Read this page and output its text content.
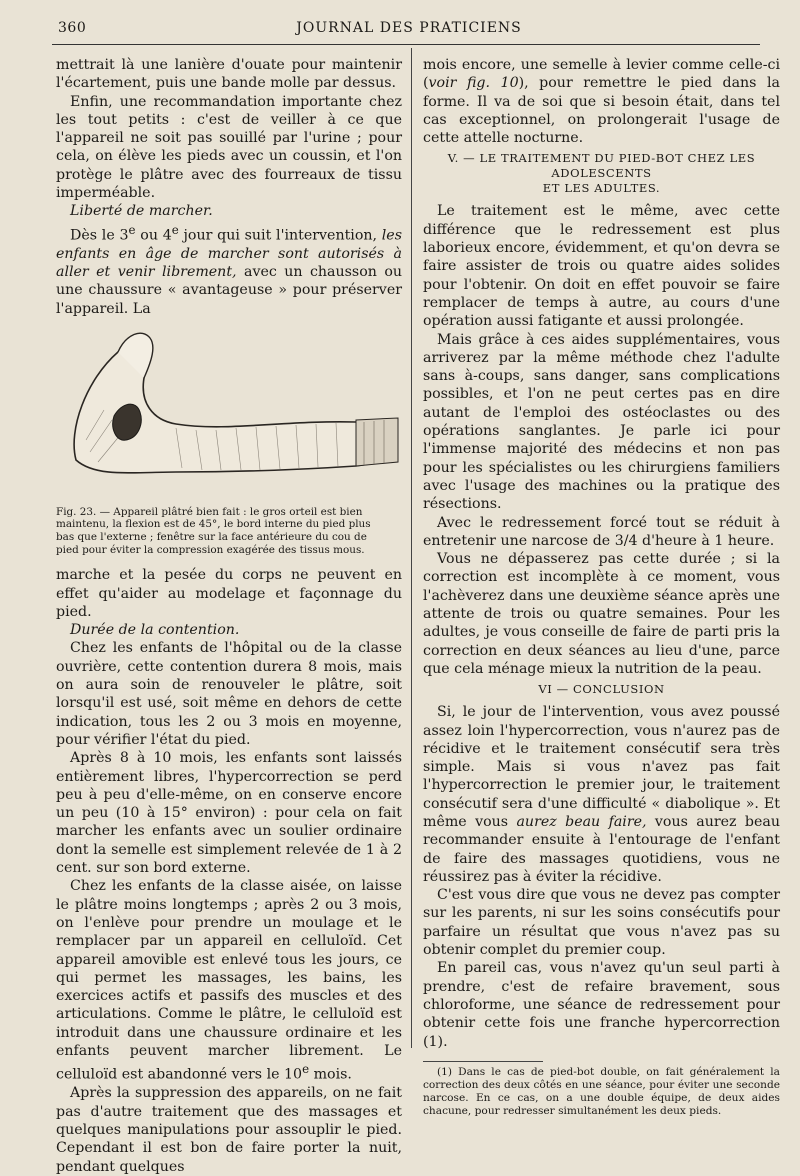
360	JOURNAL DES PRATICIENS

mettrait là une lanière d'ouate pour maintenir l'écartement, puis une bande molle par dessus.

Enfin, une recommandation importante chez les tout petits : c'est de veiller à ce que l'appareil ne soit pas souillé par l'urine ; pour cela, on élève les pieds avec un coussin, et l'on protège le plâtre avec des fourreaux de tissu imperméable.

Liberté de marcher.

Dès le 3e ou 4e jour qui suit l'intervention, les enfants en âge de marcher sont autorisés à aller et venir librement, avec un chausson ou une chaussure « avantageuse » pour préserver l'appareil. La

Fig. 23. — Appareil plâtré bien fait : le gros orteil est bien
maintenu, la flexion est de 45°, le bord interne du pied plus
bas que l'externe ; fenêtre sur la face antérieure du cou de
pied pour éviter la compression exagérée des tissus mous.

marche et la pesée du corps ne peuvent en effet qu'aider au modelage et façonnage du pied.

Durée de la contention.

Chez les enfants de l'hôpital ou de la classe ouvrière, cette contention durera 8 mois, mais on aura soin de renouveler le plâtre, soit lorsqu'il est usé, soit même en dehors de cette indication, tous les 2 ou 3 mois en moyenne, pour vérifier l'état du pied.

Après 8 à 10 mois, les enfants sont laissés entièrement libres, l'hypercorrection se perd peu à peu d'elle-même, on en conserve encore un peu (10 à 15° environ) : pour cela on fait marcher les enfants avec un soulier ordinaire dont la semelle est simplement relevée de 1 à 2 cent. sur son bord externe.

Chez les enfants de la classe aisée, on laisse le plâtre moins longtemps ; après 2 ou 3 mois, on l'enlève pour prendre un moulage et le remplacer par un appareil en celluloïd. Cet appareil amovible est enlevé tous les jours, ce qui permet les massages, les bains, les exercices actifs et passifs des muscles et des articulations. Comme le plâtre, le celluloïd est introduit dans une chaussure ordinaire et les enfants peuvent marcher librement. Le celluloïd est abandonné vers le 10e mois.

Après la suppression des appareils, on ne fait pas d'autre traitement que des massages et quelques manipulations pour assouplir le pied. Cependant il est bon de faire porter la nuit, pendant quelques

mois encore, une semelle à levier comme celle-ci (voir fig. 10), pour remettre le pied dans la forme. Il va de soi que si besoin était, dans tel cas exceptionnel, on prolongerait l'usage de cette attelle nocturne.

V. — LE TRAITEMENT DU PIED-BOT CHEZ LES ADOLESCENTS
ET LES ADULTES.

Le traitement est le même, avec cette différence que le redressement est plus laborieux encore, évidemment, et qu'on devra se faire assister de trois ou quatre aides solides pour l'obtenir. On doit en effet pouvoir se faire remplacer de temps à autre, au cours d'une opération aussi fatigante et aussi prolongée.

Mais grâce à ces aides supplémentaires, vous arriverez par la même méthode chez l'adulte sans à-coups, sans danger, sans complications possibles, et l'on ne peut certes pas en dire autant de l'emploi des ostéoclastes ou des opérations sanglantes. Je parle ici pour l'immense majorité des médecins et non pas pour les spécialistes ou les chirurgiens familiers avec l'usage des machines ou la pratique des résections.

Avec le redressement forcé tout se réduit à entretenir une narcose de 3/4 d'heure à 1 heure.

Vous ne dépasserez pas cette durée ; si la correction est incomplète à ce moment, vous l'achèverez dans une deuxième séance après une attente de trois ou quatre semaines. Pour les adultes, je vous conseille de faire de parti pris la correction en deux séances au lieu d'une, parce que cela ménage mieux la nutrition de la peau.

VI — CONCLUSION

Si, le jour de l'intervention, vous avez poussé assez loin l'hypercorrection, vous n'aurez pas de récidive et le traitement consécutif sera très simple. Mais si vous n'avez pas fait l'hypercorrection le premier jour, le traitement consécutif sera d'une difficulté « diabolique ». Et même vous aurez beau faire, vous aurez beau recommander ensuite à l'entourage de l'enfant de faire des massages quotidiens, vous ne réussirez pas à éviter la récidive.

C'est vous dire que vous ne devez pas compter sur les parents, ni sur les soins consécutifs pour parfaire un résultat que vous n'avez pas su obtenir complet du premier coup.

En pareil cas, vous n'avez qu'un seul parti à prendre, c'est de refaire bravement, sous chloroforme, une séance de redressement pour obtenir cette fois une franche hypercorrection (1).

(1) Dans le cas de pied-bot double, on fait généralement la correction des deux côtés en une séance, pour éviter une seconde narcose. En ce cas, on a une double équipe, de deux aides chacune, pour redresser simultanément les deux pieds.
